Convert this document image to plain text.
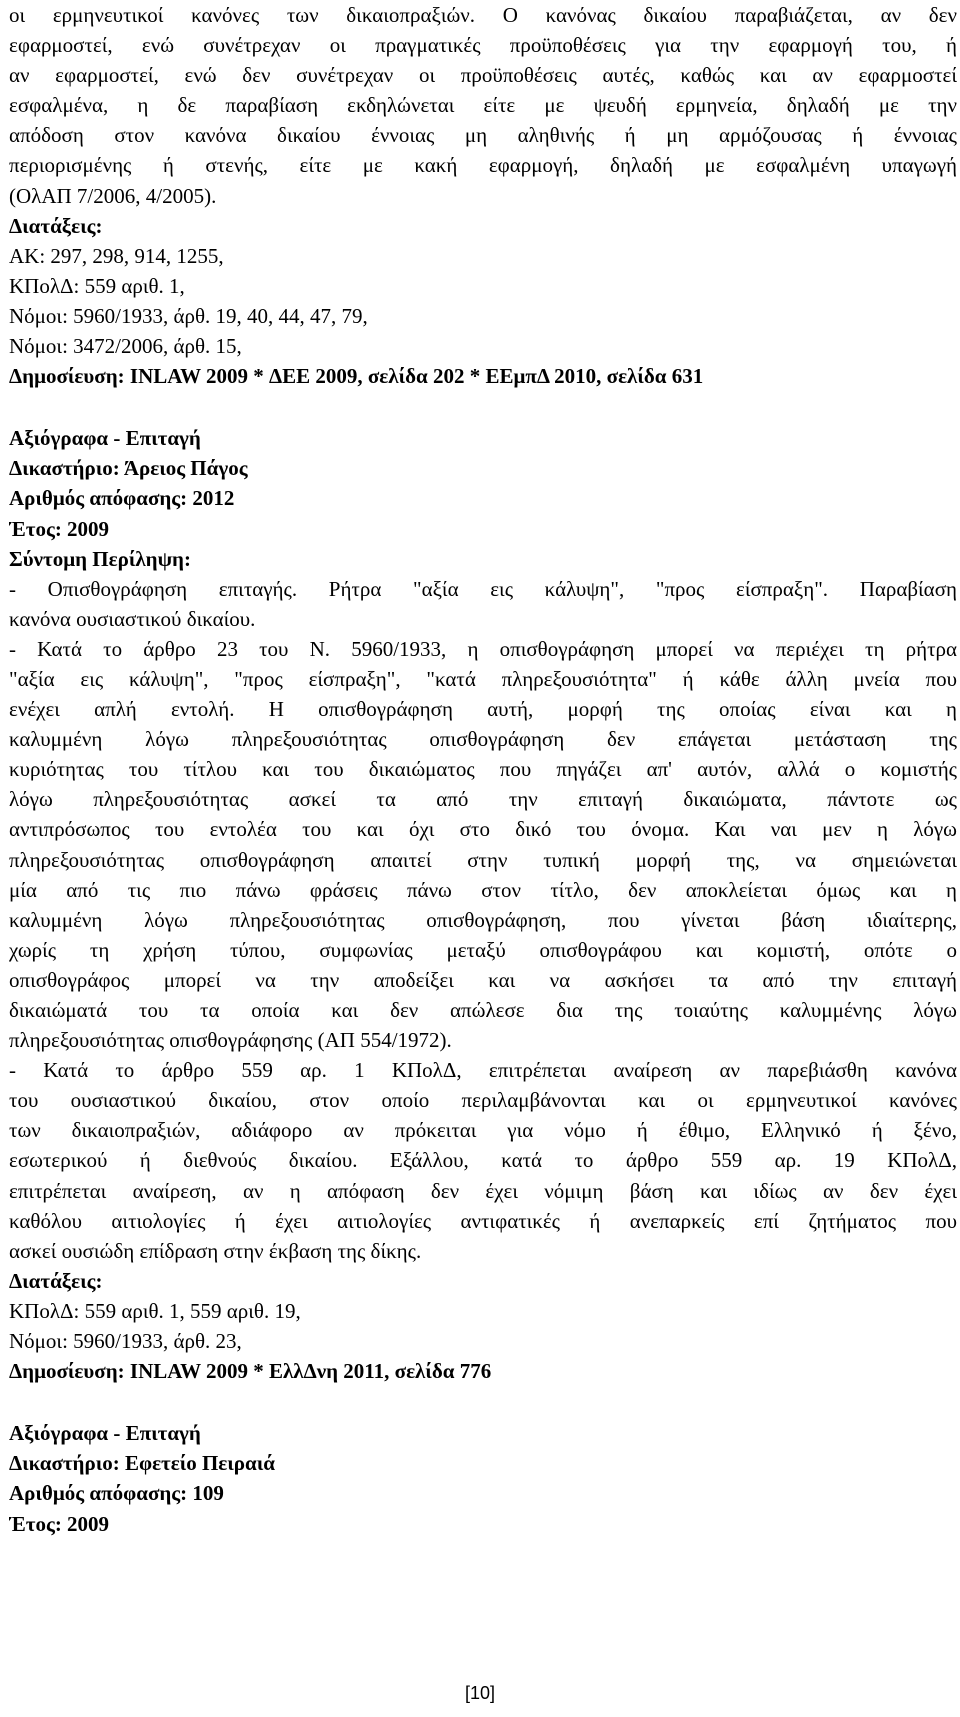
οι ερμηνευτικοί κανόνες των δικαιοπραξιών. Ο κανόνας δικαίου παραβιάζεται, αν δεν
εφαρμοστεί, ενώ συνέτρεχαν οι πραγματικές προϋποθέσεις για την εφαρμογή του, ή
αν εφαρμοστεί, ενώ δεν συνέτρεχαν οι προϋποθέσεις αυτές, καθώς και αν εφαρμοστεί
εσφαλμένα, η δε παραβίαση εκδηλώνεται είτε με ψευδή ερμηνεία, δηλαδή με την
απόδοση στον κανόνα δικαίου έννοιας μη αληθινής ή μη αρμόζουσας ή έννοιας
περιορισμένης ή στενής, είτε με κακή εφαρμογή, δηλαδή με εσφαλμένη υπαγωγή
(ΟλΑΠ 7/2006, 4/2005).
Διατάξεις:
ΑΚ: 297, 298, 914, 1255,
ΚΠολΔ: 559 αριθ. 1,
Νόμοι: 5960/1933, άρθ. 19, 40, 44, 47, 79,
Νόμοι: 3472/2006, άρθ. 15,
Δημοσίευση: INLAW 2009 * ΔΕΕ 2009, σελίδα 202 * ΕΕμπΔ 2010, σελίδα 631
Αξιόγραφα - Επιταγή
Δικαστήριο: Άρειος Πάγος
Αριθμός απόφασης: 2012
Έτος: 2009
Σύντομη Περίληψη:
- Οπισθογράφηση επιταγής. Ρήτρα "αξία εις κάλυψη", "προς είσπραξη". Παραβίαση
κανόνα ουσιαστικού δικαίου.
- Κατά το άρθρο 23 του Ν. 5960/1933, η οπισθογράφηση μπορεί να περιέχει τη ρήτρα
"αξία εις κάλυψη", "προς είσπραξη", "κατά πληρεξουσιότητα" ή κάθε άλλη μνεία που
ενέχει απλή εντολή. Η οπισθογράφηση αυτή, μορφή της οποίας είναι και η
καλυμμένη λόγω πληρεξουσιότητας οπισθογράφηση δεν επάγεται μετάσταση της
κυριότητας του τίτλου και του δικαιώματος που πηγάζει απ' αυτόν, αλλά ο κομιστής
λόγω πληρεξουσιότητας ασκεί τα από την επιταγή δικαιώματα, πάντοτε ως
αντιπρόσωπος του εντολέα του και όχι στο δικό του όνομα. Και ναι μεν η λόγω
πληρεξουσιότητας οπισθογράφηση απαιτεί στην τυπική μορφή της, να σημειώνεται
μία από τις πιο πάνω φράσεις πάνω στον τίτλο, δεν αποκλείεται όμως και η
καλυμμένη λόγω πληρεξουσιότητας οπισθογράφηση, που γίνεται βάση ιδιαίτερης,
χωρίς τη χρήση τύπου, συμφωνίας μεταξύ οπισθογράφου και κομιστή, οπότε ο
οπισθογράφος μπορεί να την αποδείξει και να ασκήσει τα από την επιταγή
δικαιώματά του τα οποία και δεν απώλεσε δια της τοιαύτης καλυμμένης λόγω
πληρεξουσιότητας οπισθογράφησης (ΑΠ 554/1972).
- Κατά το άρθρο 559 αρ. 1 ΚΠολΔ, επιτρέπεται αναίρεση αν παρεβιάσθη κανόνα
του ουσιαστικού δικαίου, στον οποίο περιλαμβάνονται και οι ερμηνευτικοί κανόνες
των δικαιοπραξιών, αδιάφορο αν πρόκειται για νόμο ή έθιμο, Ελληνικό ή ξένο,
εσωτερικού ή διεθνούς δικαίου. Εξάλλου, κατά το άρθρο 559 αρ. 19 ΚΠολΔ,
επιτρέπεται αναίρεση, αν η απόφαση δεν έχει νόμιμη βάση και ιδίως αν δεν έχει
καθόλου αιτιολογίες ή έχει αιτιολογίες αντιφατικές ή ανεπαρκείς επί ζητήματος που
ασκεί ουσιώδη επίδραση στην έκβαση της δίκης.
Διατάξεις:
ΚΠολΔ: 559 αριθ. 1, 559 αριθ. 19,
Νόμοι: 5960/1933, άρθ. 23,
Δημοσίευση: INLAW 2009 * ΕλλΔνη 2011, σελίδα 776
Αξιόγραφα - Επιταγή
Δικαστήριο: Εφετείο Πειραιά
Αριθμός απόφασης: 109
Έτος: 2009
[10]
